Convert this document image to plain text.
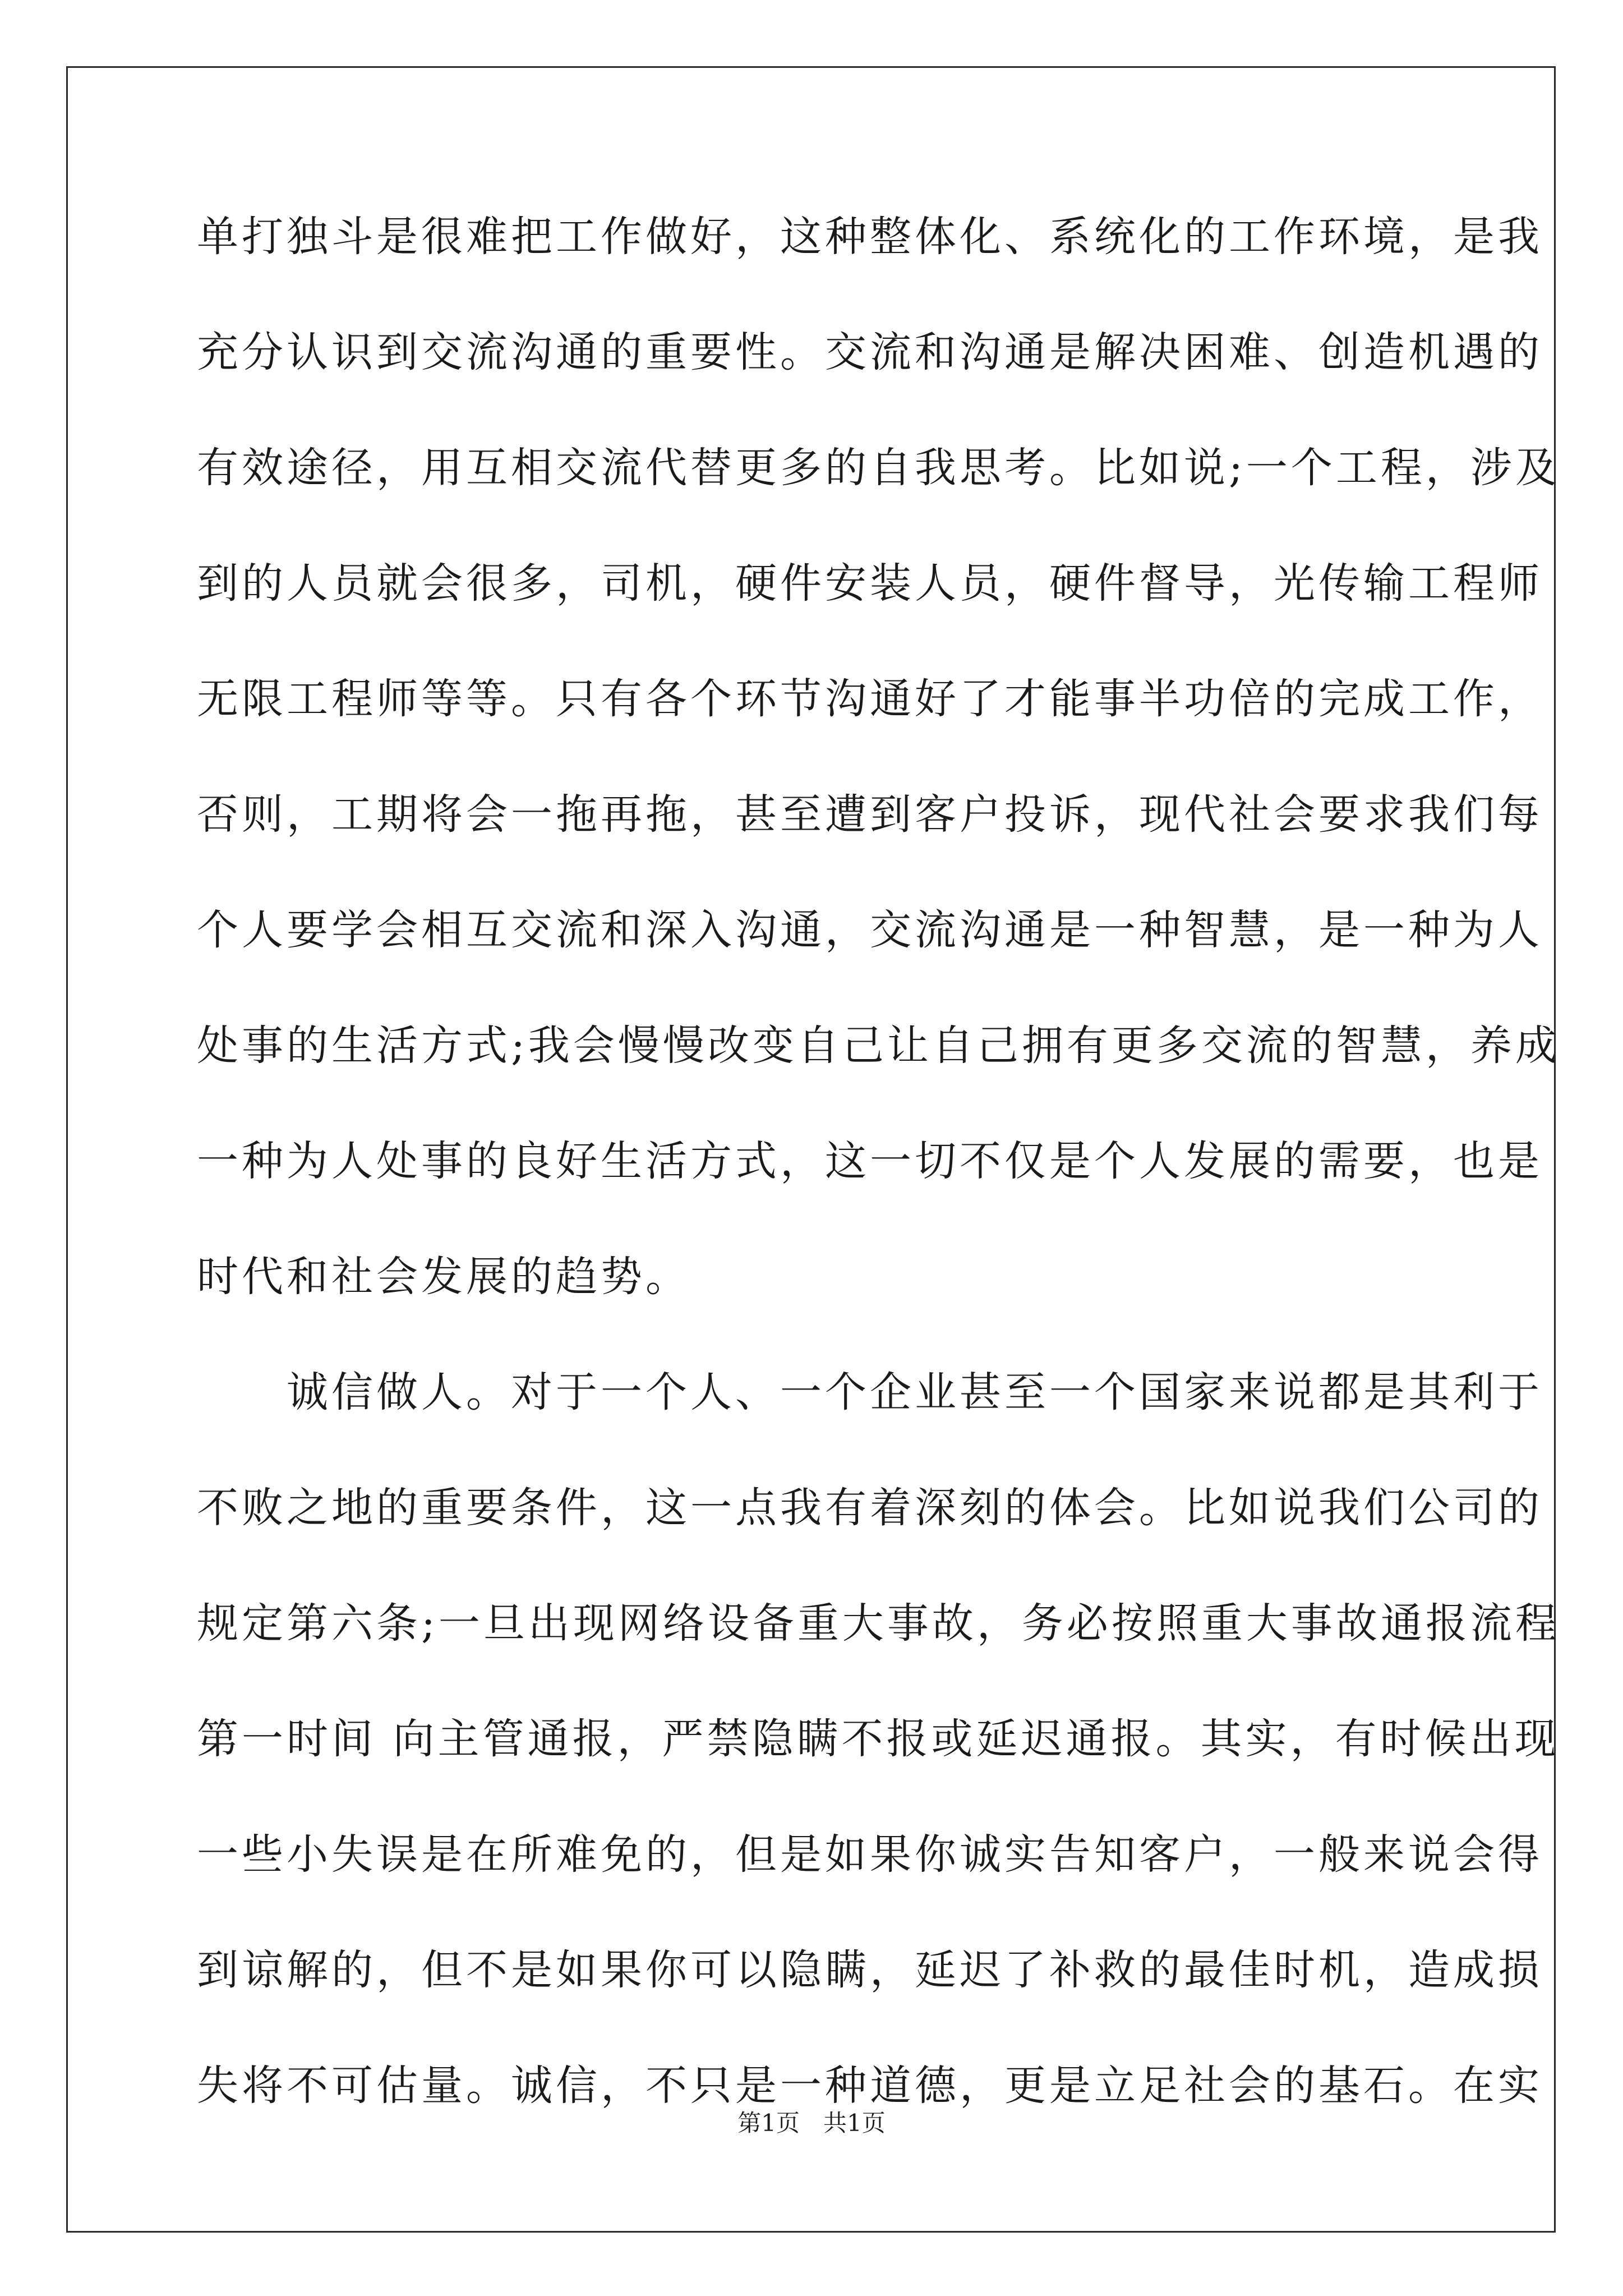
单打独斗是很难把工作做好，这种整体化、系统化的工作环境，是我
充分认识到交流沟通的重要性。交流和沟通是解决困难、创造机遇的
有效途径，用互相交流代替更多的自我思考。比如说;一个工程，涉及
到的人员就会很多，司机，硬件安装人员，硬件督导，光传输工程师
无限工程师等等。只有各个环节沟通好了才能事半功倍的完成工作，
否则，工期将会一拖再拖，甚至遭到客户投诉，现代社会要求我们每
个人要学会相互交流和深入沟通，交流沟通是一种智慧，是一种为人
处事的生活方式;我会慢慢改变自己让自己拥有更多交流的智慧，养成
一种为人处事的良好生活方式，这一切不仅是个人发展的需要，也是
时代和社会发展的趋势。
　　诚信做人。对于一个人、一个企业甚至一个国家来说都是其利于
不败之地的重要条件，这一点我有着深刻的体会。比如说我们公司的
规定第六条;一旦出现网络设备重大事故，务必按照重大事故通报流程
第一时间 向主管通报，严禁隐瞒不报或延迟通报。其实，有时候出现
一些小失误是在所难免的，但是如果你诚实告知客户，一般来说会得
到谅解的，但不是如果你可以隐瞒，延迟了补救的最佳时机，造成损
失将不可估量。诚信，不只是一种道德，更是立足社会的基石。在实
第1页　共1页
